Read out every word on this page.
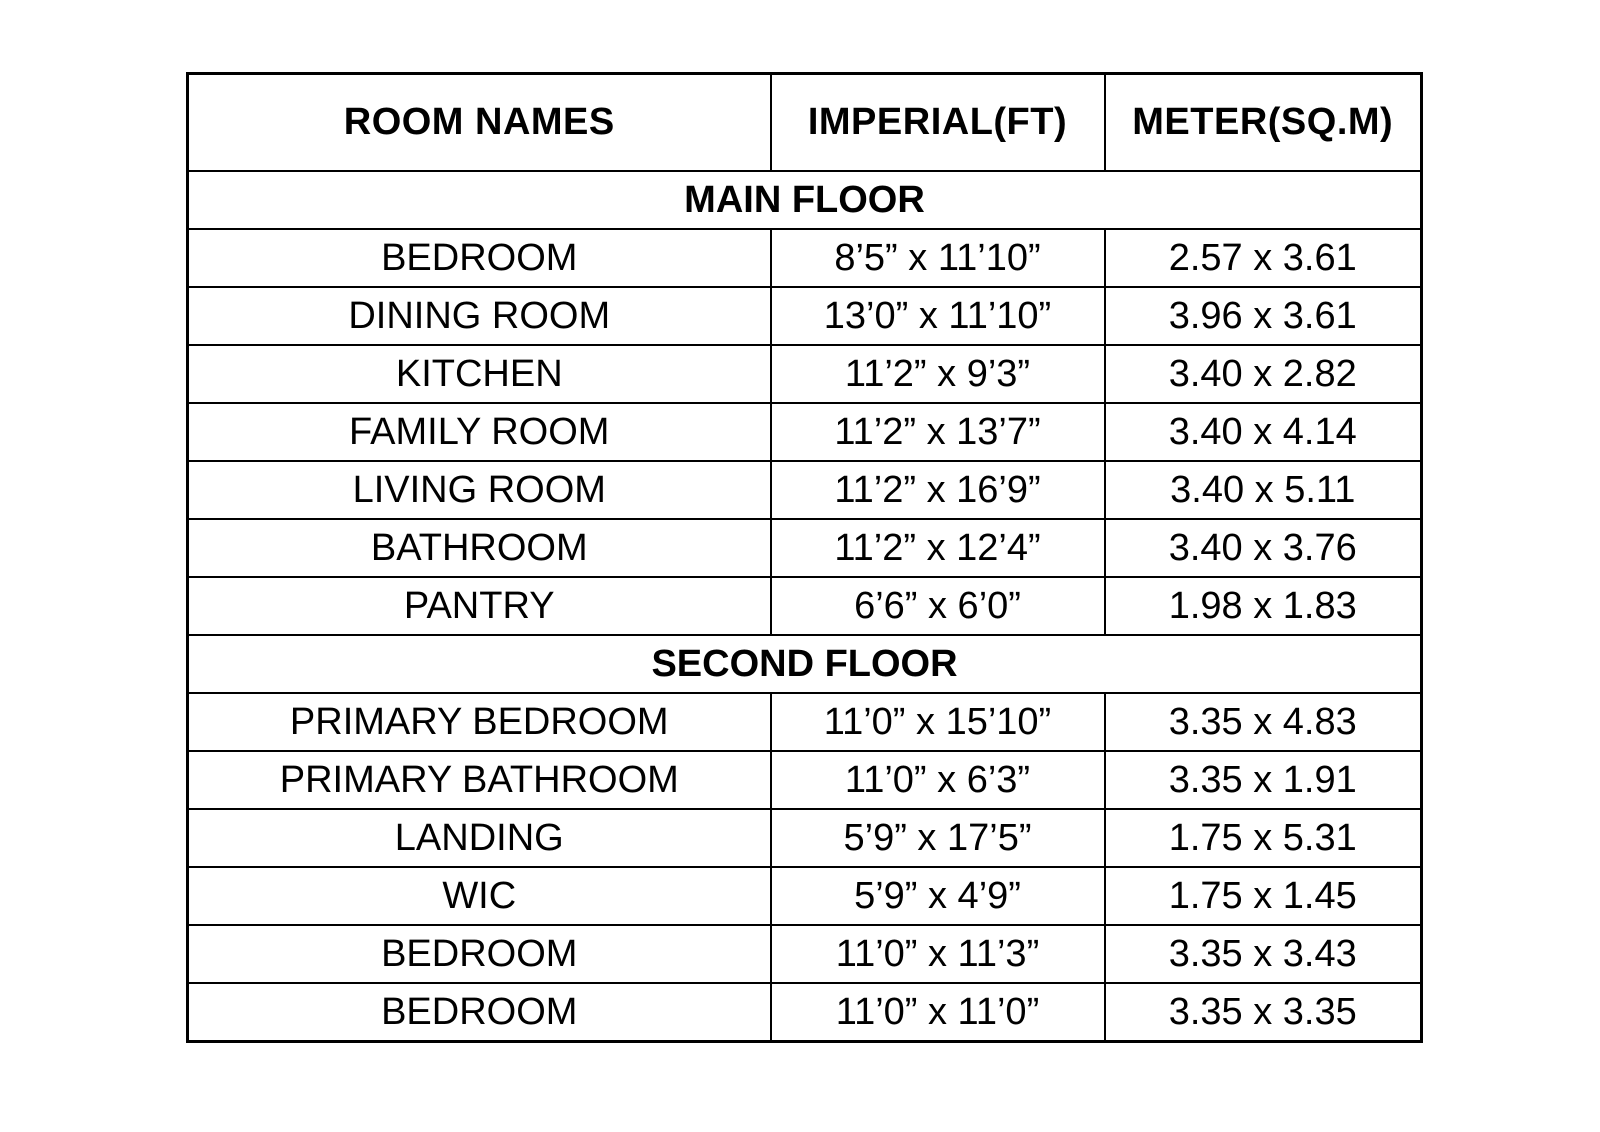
ROOM NAMES	IMPERIAL(FT)	METER(SQ.M)
MAIN FLOOR		
BEDROOM	8’5” x 11’10”	2.57 x 3.61
DINING ROOM	13’0” x 11’10”	3.96 x 3.61
KITCHEN	11’2” x 9’3”	3.40 x 2.82
FAMILY ROOM	11’2” x 13’7”	3.40 x 4.14
LIVING ROOM	11’2” x 16’9”	3.40 x 5.11
BATHROOM	11’2” x 12’4”	3.40 x 3.76
PANTRY	6’6” x 6’0”	1.98 x 1.83
SECOND FLOOR		
PRIMARY BEDROOM	11’0” x 15’10”	3.35 x 4.83
PRIMARY BATHROOM	11’0” x 6’3”	3.35 x 1.91
LANDING	5’9” x 17’5”	1.75 x 5.31
WIC	5’9” x 4’9”	1.75 x 1.45
BEDROOM	11’0” x 11’3”	3.35 x 3.43
BEDROOM	11’0” x 11’0”	3.35 x 3.35
